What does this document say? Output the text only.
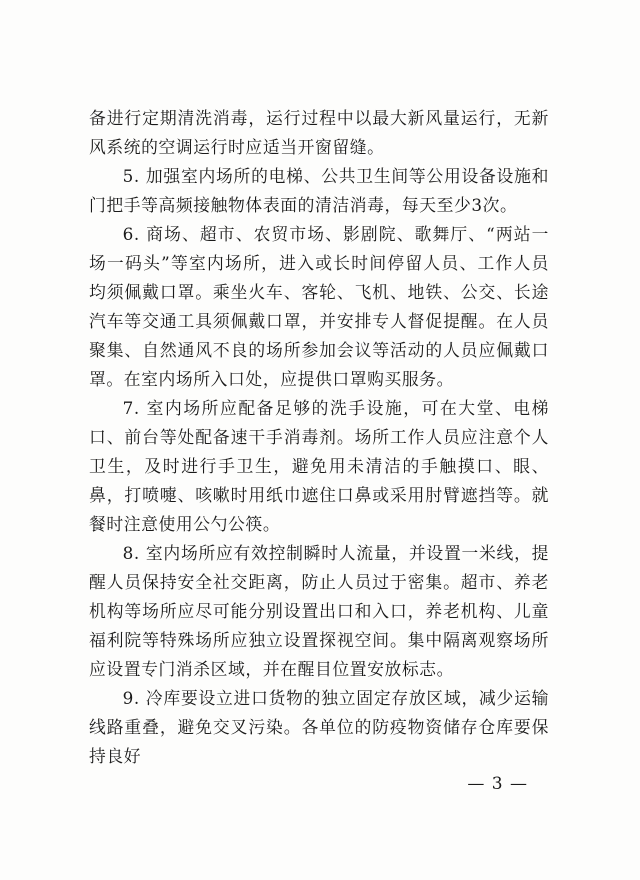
备进行定期清洗消毒，运行过程中以最大新风量运行，无新风系统的空调运行时应适当开窗留缝。

5. 加强室内场所的电梯、公共卫生间等公用设备设施和门把手等高频接触物体表面的清洁消毒，每天至少3次。

6. 商场、超市、农贸市场、影剧院、歌舞厅、“两站一场一码头”等室内场所，进入或长时间停留人员、工作人员均须佩戴口罩。乘坐火车、客轮、飞机、地铁、公交、长途汽车等交通工具须佩戴口罩，并安排专人督促提醒。在人员聚集、自然通风不良的场所参加会议等活动的人员应佩戴口罩。在室内场所入口处，应提供口罩购买服务。

7. 室内场所应配备足够的洗手设施，可在大堂、电梯口、前台等处配备速干手消毒剂。场所工作人员应注意个人卫生，及时进行手卫生，避免用未清洁的手触摸口、眼、鼻，打喷嚏、咳嗽时用纸巾遮住口鼻或采用肘臂遮挡等。就餐时注意使用公勺公筷。

8. 室内场所应有效控制瞬时人流量，并设置一米线，提醒人员保持安全社交距离，防止人员过于密集。超市、养老机构等场所应尽可能分别设置出口和入口，养老机构、儿童福利院等特殊场所应独立设置探视空间。集中隔离观察场所应设置专门消杀区域，并在醒目位置安放标志。

9. 冷库要设立进口货物的独立固定存放区域，减少运输线路重叠，避免交叉污染。各单位的防疫物资储存仓库要保持良好

— 3 —
